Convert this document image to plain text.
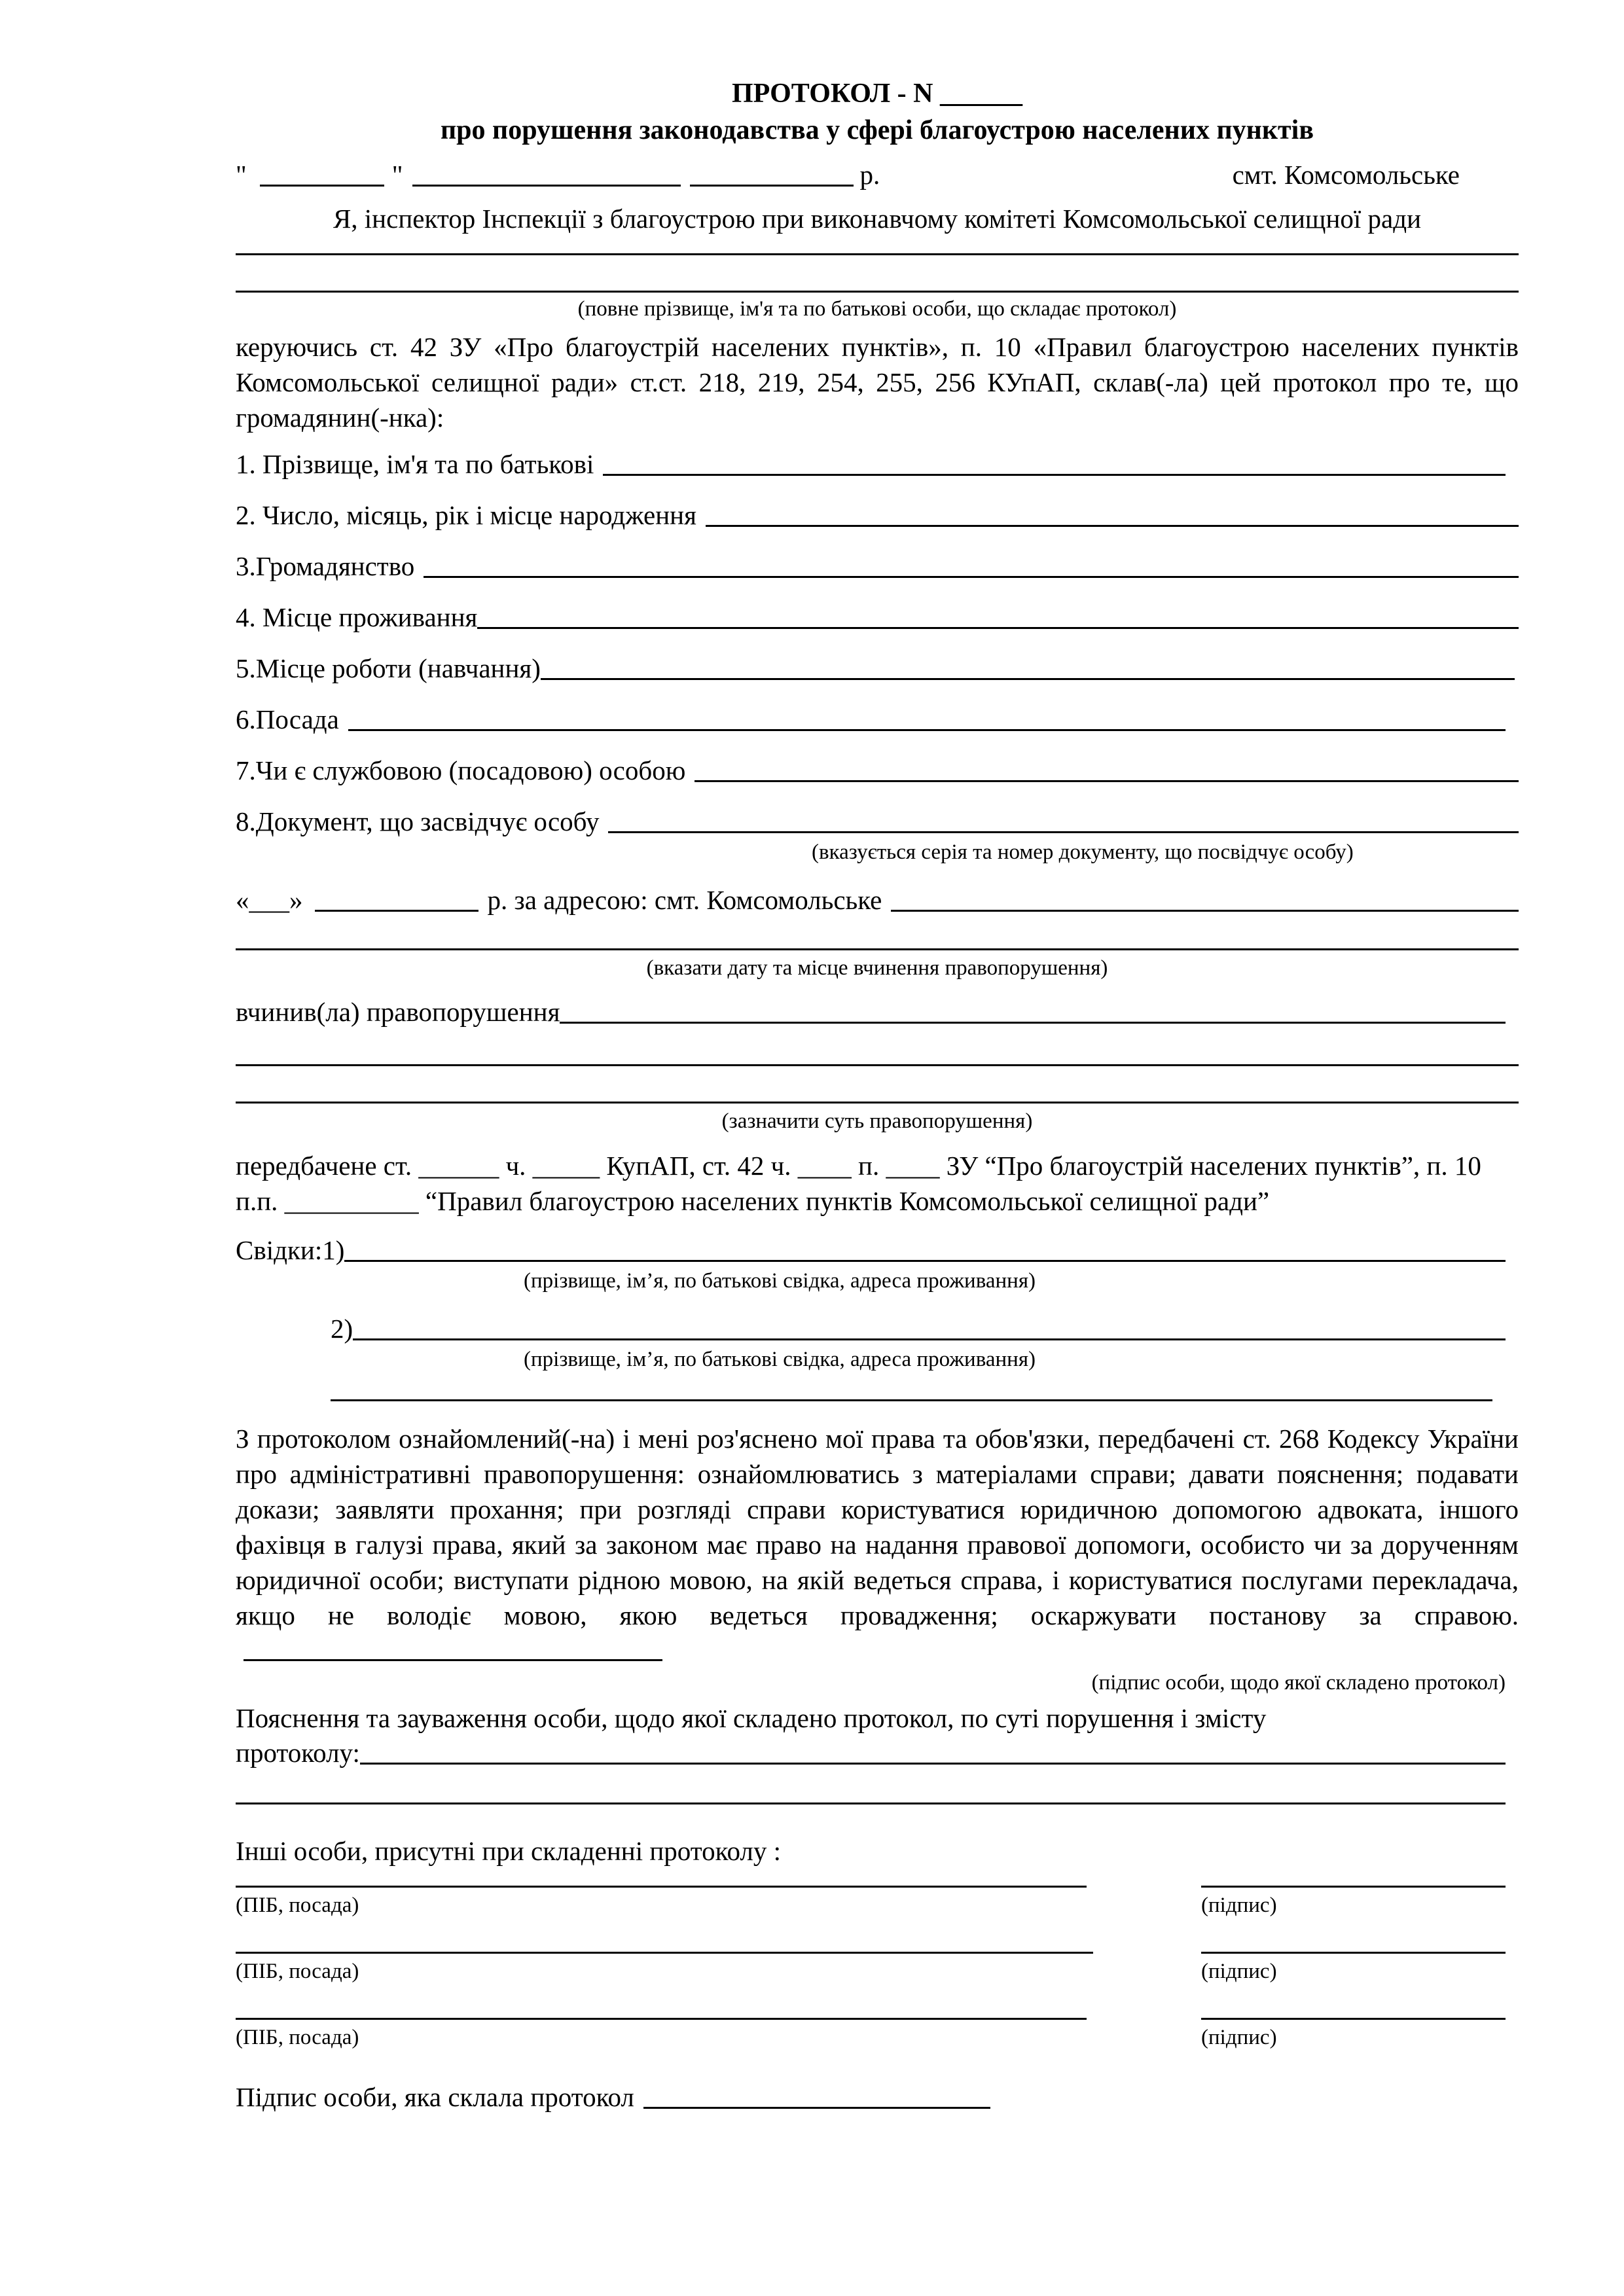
ПРОТОКОЛ - N ______
про порушення законодавства у сфері благоустрою населених пунктів
"	"	р.	смт. Комсомольське
Я, інспектор Інспекції з благоустрою при виконавчому комітеті Комсомольської селищної ради
(повне прізвище, ім'я та по батькові особи, що складає протокол)
керуючись ст. 42 ЗУ «Про благоустрій населених пунктів», п. 10 «Правил благоустрою населених пунктів Комсомольської селищної ради» ст.ст. 218, 219, 254, 255, 256 КУпАП, склав(-ла) цей протокол про те, що громадянин(-нка):
1. Прізвище, ім'я та по батькові
2. Число, місяць, рік і місце народження
3.Громадянство
4. Місце проживання
5.Місце роботи (навчання)
6.Посада
7.Чи є службовою (посадовою) особою
8.Документ, що засвідчує особу
(вказується серія та номер документу, що посвідчує особу)
«___»	р. за адресою: смт. Комсомольське
(вказати дату та місце вчинення правопорушення)
вчинив(ла) правопорушення
(зазначити суть правопорушення)
передбачене ст. ______ ч. _____ КупАП, ст. 42 ч. ____ п. ____ ЗУ “Про благоустрій населених пунктів”, п. 10 п.п. __________ “Правил благоустрою населених пунктів Комсомольської селищної ради”
Свідки:1)
(прізвище, ім’я, по батькові свідка, адреса проживання)
2)
(прізвище, ім’я, по батькові свідка, адреса проживання)
З протоколом ознайомлений(-на) і мені роз'яснено мої права та обов'язки, передбачені ст. 268 Кодексу України про адміністративні правопорушення: ознайомлюватись з матеріалами справи; давати пояснення; подавати докази; заявляти прохання; при розгляді справи користуватися юридичною допомогою адвоката, іншого фахівця в галузі права, який за законом має право на надання правової допомоги, особисто чи за дорученням юридичної особи; виступати рідною мовою, на якій ведеться справа, і користуватися послугами перекладача, якщо не володіє мовою, якою ведеться провадження; оскаржувати постанову за справою.
(підпис особи, щодо якої складено протокол)
Пояснення та зауваження особи, щодо якої складено протокол, по суті порушення і змісту
протоколу:
Інші особи, присутні при складенні протоколу :
(ПІБ, посада)	(підпис)
(ПІБ, посада)	(підпис)
(ПІБ, посада)	(підпис)
Підпис особи, яка склала протокол
